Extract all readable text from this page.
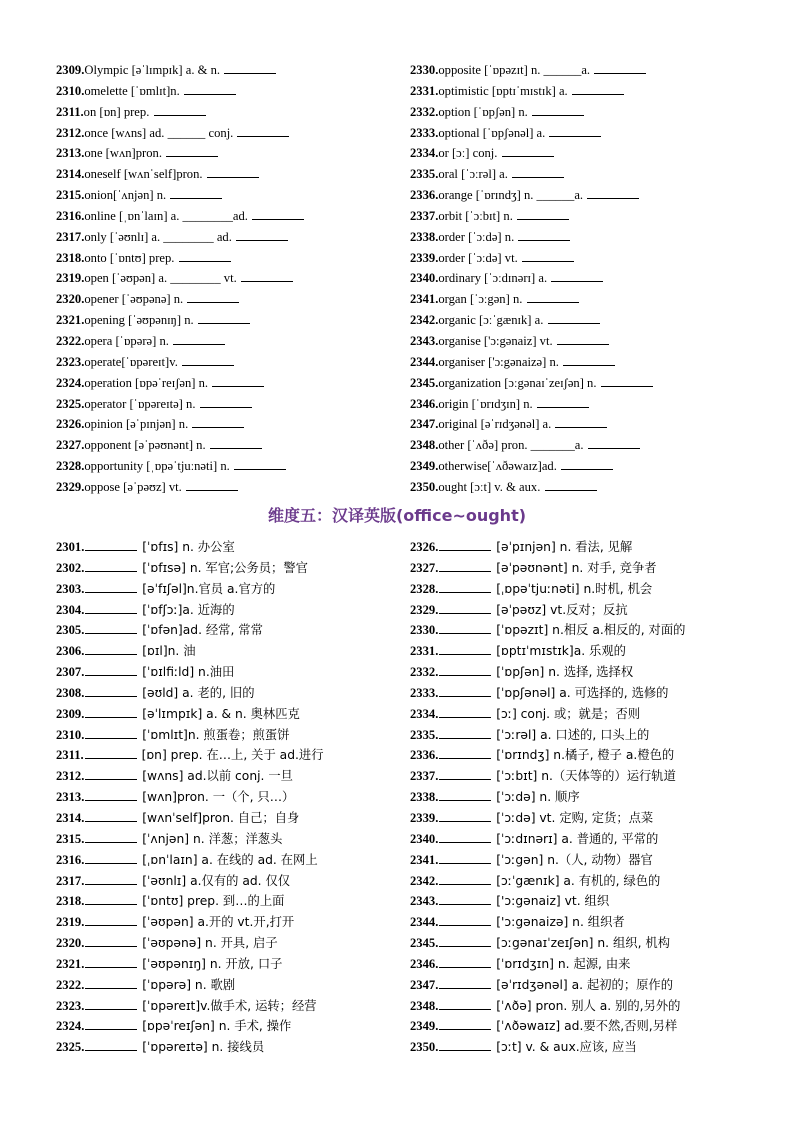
2309.Olympic [əˈlɪmpɪk] a. & n.
2310.omelette [ˈɒmlɪt]n.
2311.on [ɒn] prep.
2312.once [wʌns] ad. ______ conj.
2313.one [wʌn]pron.
2314.oneself [wʌnˈself]pron.
2315.onion[ˈʌnjən] n.
2316.online [ˌɒnˈlaɪn] a. ________ad.
2317.only [ˈəʊnlɪ] a. ________ ad.
2318.onto [ˈɒntʊ] prep.
2319.open [ˈəʊpən] a. ________ vt.
2320.opener [ˈəʊpənə] n.
2321.opening [ˈəʊpənɪŋ] n.
2322.opera [ˈɒpərə] n.
2323.operate[ˈɒpəreɪt]v.
2324.operation [ɒpəˈreɪʃən] n.
2325.operator [ˈɒpəreɪtə] n.
2326.opinion [əˈpɪnjən] n.
2327.opponent [əˈpəʊnənt] n.
2328.opportunity [ˌɒpəˈtjuːnəti] n.
2329.oppose [əˈpəʊz] vt.
2330.opposite [ˈɒpəzɪt] n. ______a.
2331.optimistic [ɒptɪˈmɪstɪk] a.
2332.option [ˈɒpʃən] n.
2333.optional [ˈɒpʃənəl] a.
2334.or [ɔː] conj.
2335.oral [ˈɔːrəl] a.
2336.orange [ˈɒrɪndʒ] n. ______a.
2337.orbit [ˈɔːbɪt] n.
2338.order [ˈɔːdə] n.
2339.order [ˈɔːdə] vt.
2340.ordinary [ˈɔːdɪnərɪ] a.
2341.organ [ˈɔːgən] n.
2342.organic [ɔːˈgænɪk] a.
2343.organise ['ɔ:gənaiz] vt.
2344.organiser ['ɔ:gənaizə] n.
2345.organization [ɔːgənaɪˈzeɪʃən] n.
2346.origin [ˈɒrɪdʒɪn] n.
2347.original [əˈrɪdʒənəl] a.
2348.other [ˈʌðə] pron. _______a.
2349.otherwise[ˈʌðəwaɪz]ad.
2350.ought [ɔːt] v. & aux.
维度五：汉译英版(office~ought)
2301.	[ˈɒfɪs] n. 办公室
2302.	[ˈɒfɪsə] n. 军官;公务员；警官
2303.	[əˈfɪʃəl]n.官员 a.官方的
2304.	[ˈɒfʃɔː]a. 近海的
2305.	[ˈɒfən]ad. 经常, 常常
2306.	[ɒɪl]n. 油
2307.	[ˈɒɪlfiːld] n.油田
2308.	[əʊld] a. 老的, 旧的
2309.	[əˈlɪmpɪk] a. & n. 奥林匹克
2310.	[ˈɒmlɪt]n. 煎蛋卷；煎蛋饼
2311.	[ɒn] prep. 在…上, 关于 ad.进行
2312.	[wʌns] ad.以前 conj. 一旦
2313.	[wʌn]pron. 一（个, 只…）
2314.	[wʌnˈself]pron. 自己；自身
2315.	[ˈʌnjən] n. 洋葱；洋葱头
2316.	[ˌɒnˈlaɪn] a. 在线的 ad. 在网上
2317.	[ˈəʊnlɪ] a.仅有的 ad. 仅仅
2318.	[ˈɒntʊ] prep. 到…的上面
2319.	[ˈəʊpən] a.开的 vt.开,打开
2320.	[ˈəʊpənə] n. 开具, 启子
2321.	[ˈəʊpənɪŋ] n. 开放, 口子
2322.	[ˈɒpərə] n. 歌剧
2323.	[ˈɒpəreɪt]v.做手术, 运转；经营
2324.	[ɒpəˈreɪʃən] n. 手术, 操作
2325.	[ˈɒpəreɪtə] n. 接线员
2326.	[əˈpɪnjən] n. 看法, 见解
2327.	[əˈpəʊnənt] n. 对手, 竞争者
2328.	[ˌɒpəˈtjuːnəti] n.时机, 机会
2329.	[əˈpəʊz] vt.反对；反抗
2330.	[ˈɒpəzɪt] n.相反 a.相反的, 对面的
2331.	[ɒptɪˈmɪstɪk]a. 乐观的
2332.	[ˈɒpʃən] n. 选择, 选择权
2333.	[ˈɒpʃənəl] a. 可选择的, 选修的
2334.	[ɔː] conj. 或；就是；否则
2335.	[ˈɔːrəl] a. 口述的, 口头上的
2336.	[ˈɒrɪndʒ] n.橘子, 橙子 a.橙色的
2337.	[ˈɔːbɪt] n.（天体等的）运行轨道
2338.	[ˈɔːdə] n. 顺序
2339.	[ˈɔːdə] vt. 定购, 定货；点菜
2340.	[ˈɔːdɪnərɪ] a. 普通的, 平常的
2341.	[ˈɔːgən] n.（人, 动物）器官
2342.	[ɔːˈgænɪk] a. 有机的, 绿色的
2343.	['ɔ:gənaiz] vt. 组织
2344.	['ɔ:gənaizə] n. 组织者
2345.	[ɔːgənaɪˈzeɪʃən] n. 组织, 机构
2346.	[ˈɒrɪdʒɪn] n. 起源, 由来
2347.	[əˈrɪdʒənəl] a. 起初的；原作的
2348.	[ˈʌðə] pron. 别人 a. 别的,另外的
2349.	[ˈʌðəwaɪz] ad.要不然,否则,另样
2350.	[ɔːt] v. & aux.应该, 应当
